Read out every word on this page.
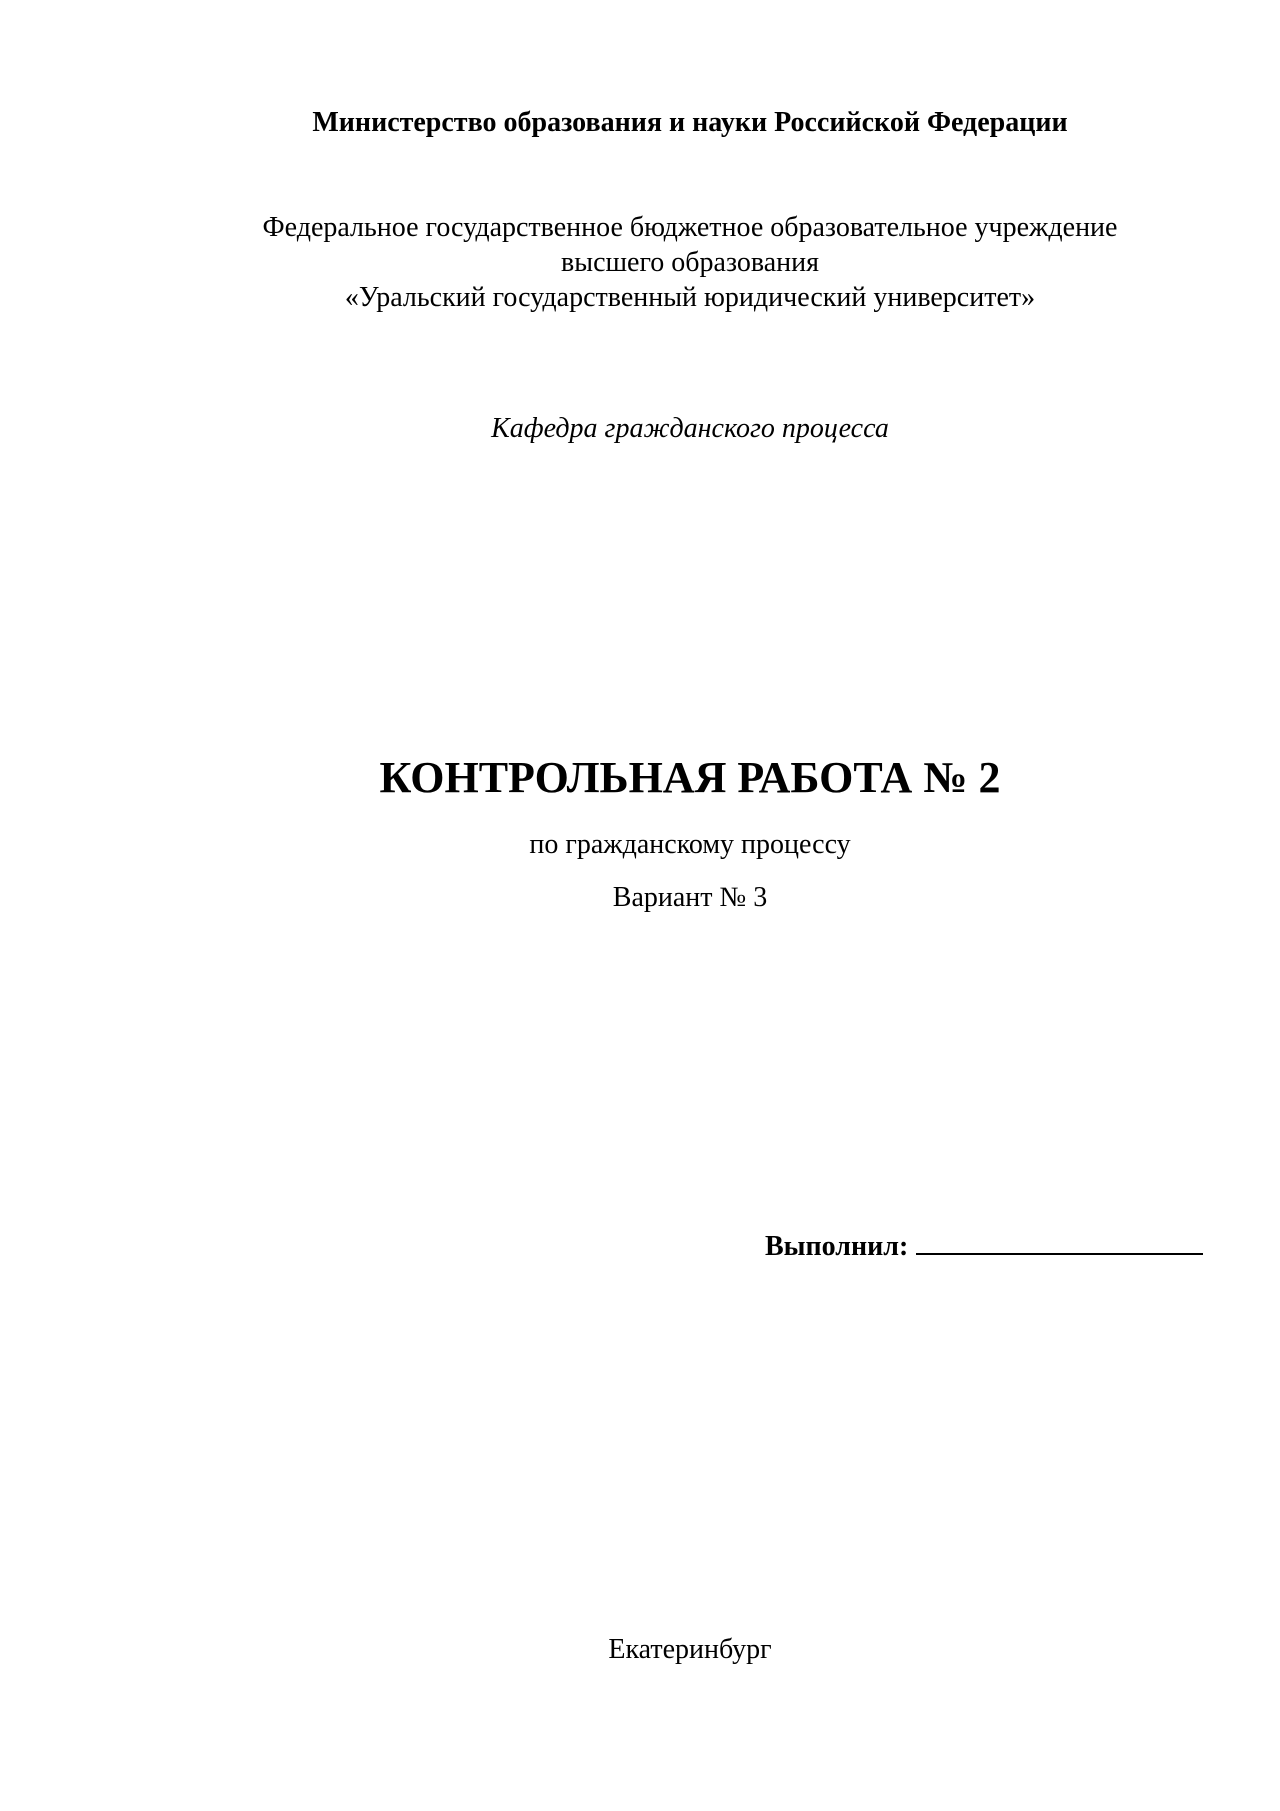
Министерство образования и науки Российской Федерации
Федеральное государственное бюджетное образовательное учреждение
высшего образования
«Уральский государственный юридический университет»
Кафедра гражданского процесса
КОНТРОЛЬНАЯ РАБОТА № 2
по гражданскому процессу
Вариант № 3
Выполнил:
Екатеринбург
